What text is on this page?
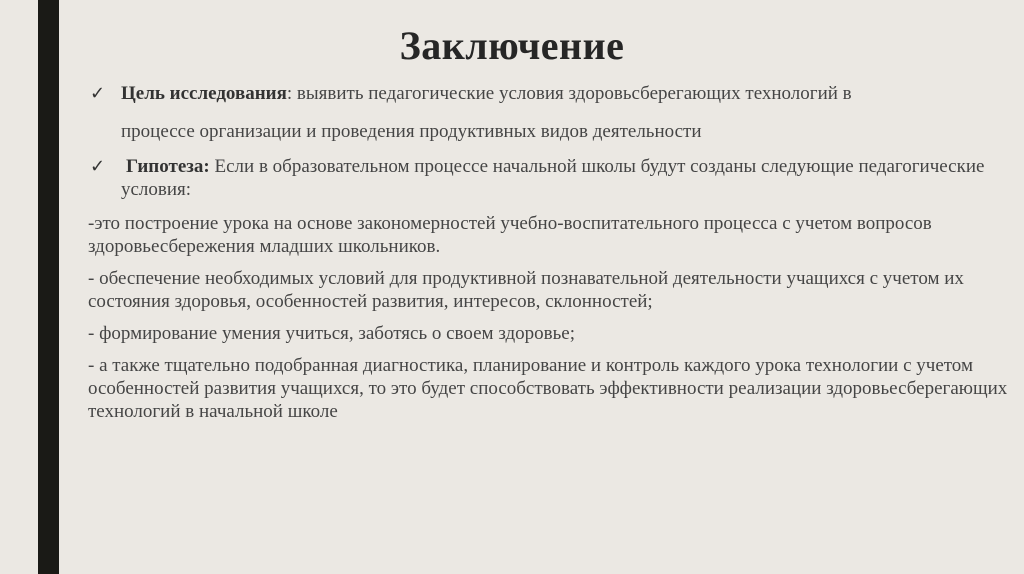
Заключение
✓ Цель исследования: выявить педагогические условия здоровьсберегающих технологий в
процессе организации и проведения продуктивных видов деятельности
✓ Гипотеза: Если в образовательном процессе начальной школы будут созданы следующие педагогические условия:
-это построение урока на основе закономерностей учебно-воспитательного процесса с учетом вопросов здоровьесбережения младших школьников.
- обеспечение необходимых условий для продуктивной познавательной деятельности учащихся с учетом их состояния здоровья, особенностей развития, интересов, склонностей;
- формирование умения учиться, заботясь о своем здоровье;
- а также тщательно подобранная диагностика, планирование и контроль каждого урока технологии с учетом особенностей развития учащихся, то это будет способствовать эффективности реализации здоровьесберегающих технологий в начальной школе
